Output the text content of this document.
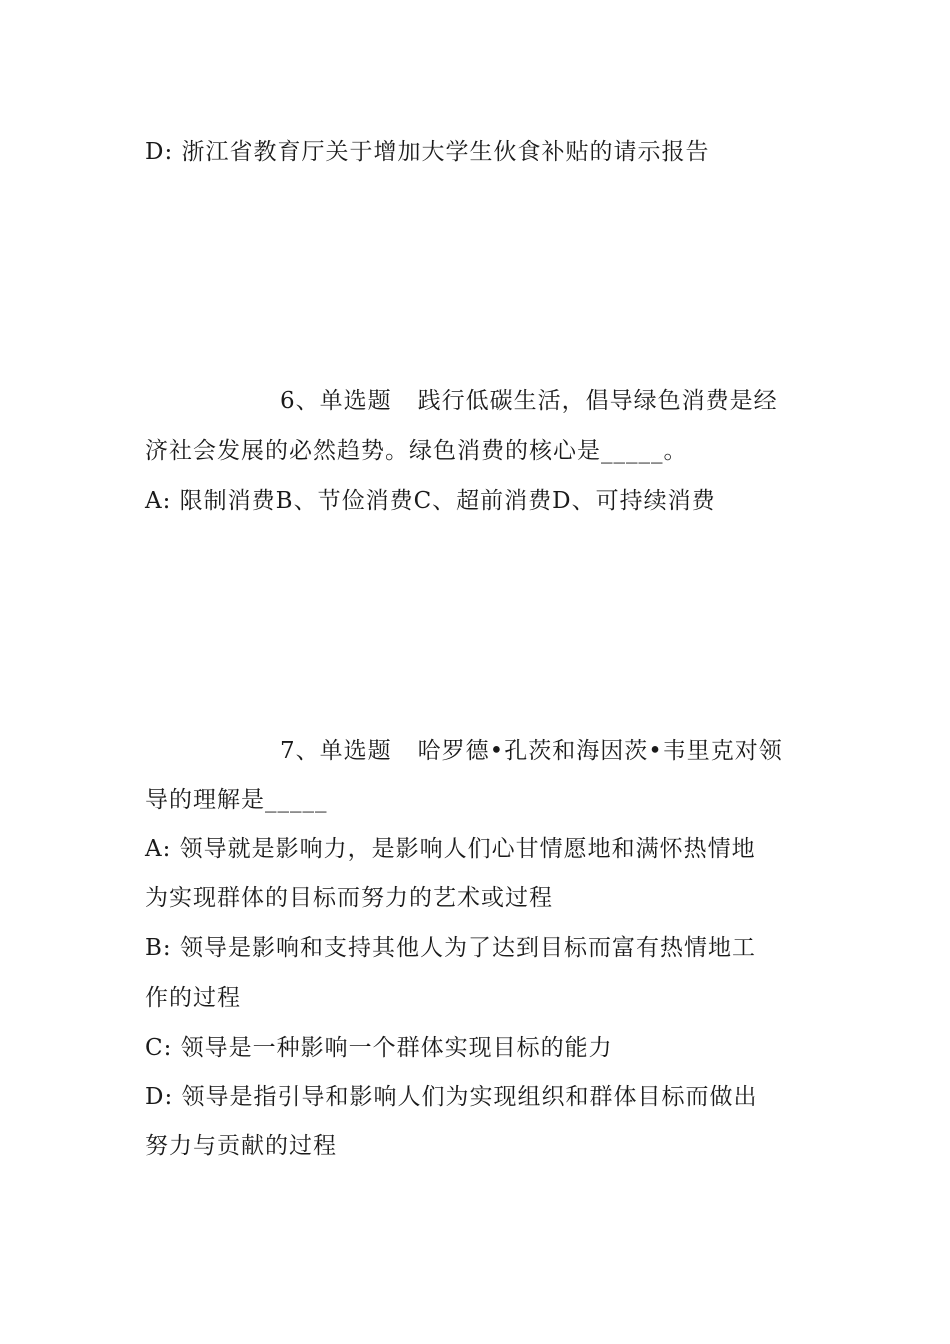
D: 浙江省教育厅关于增加大学生伙食补贴的请示报告
6、单选题 践行低碳生活，倡导绿色消费是经
济社会发展的必然趋势。绿色消费的核心是_____。
A: 限制消费B、节俭消费C、超前消费D、可持续消费
7、单选题 哈罗德•孔茨和海因茨•韦里克对领
导的理解是_____
A: 领导就是影响力，是影响人们心甘情愿地和满怀热情地
为实现群体的目标而努力的艺术或过程
B: 领导是影响和支持其他人为了达到目标而富有热情地工
作的过程
C: 领导是一种影响一个群体实现目标的能力
D: 领导是指引导和影响人们为实现组织和群体目标而做出
努力与贡献的过程
